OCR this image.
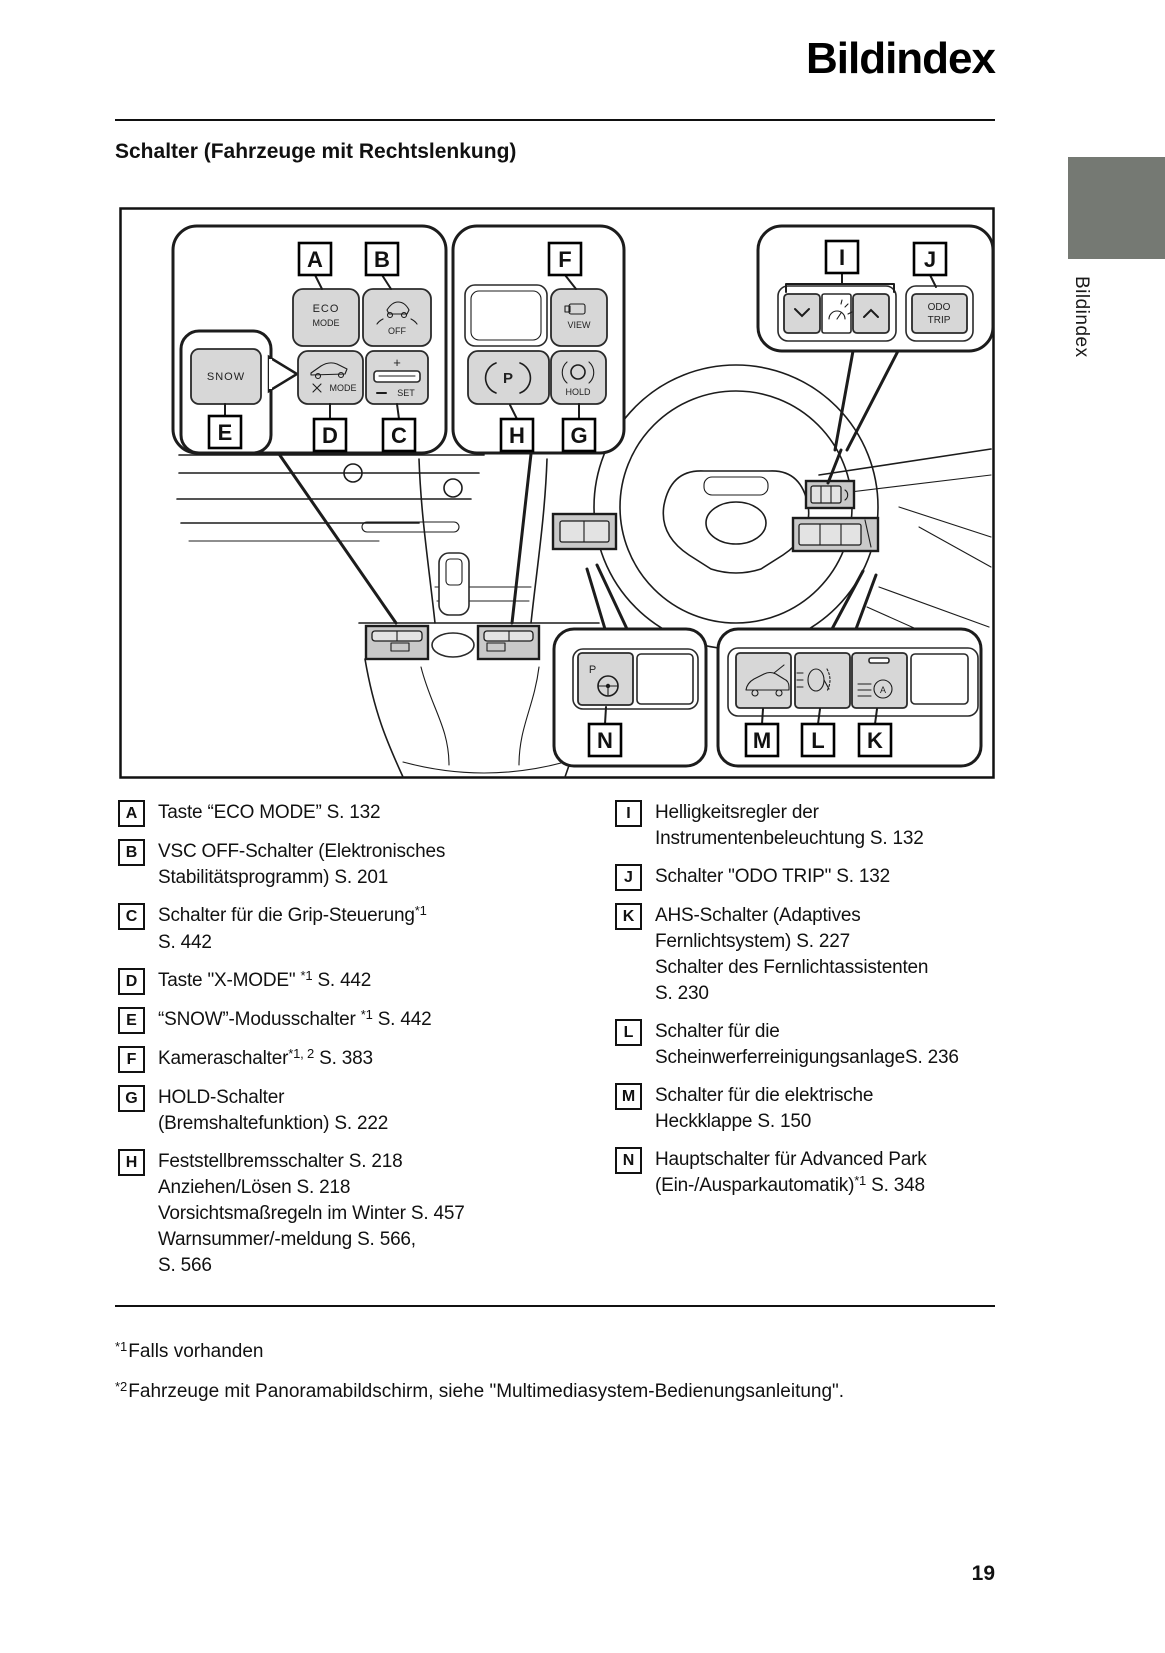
Bildindex
Schalter (Fahrzeuge mit Rechtslenkung)
Bildindex
ECO
MODE
OFF
MODE
+
SET
SNOW
VIEW
P
HOLD
ODO
TRIP
P
A
A B	F	I	J
E	D C	H G
N	M L K
A	Taste “ECO MODE” S. 132
B	VSC OFF-Schalter (Elektronisches
Stabilitätsprogramm) S. 201
C	Schalter für die Grip-Steuerung$^{*1}$
S. 442
D	Taste "X-MODE" $^{*1}$ S. 442
E	“SNOW”-Modusschalter $^{*1}$ S. 442
F	Kameraschalter$^{*1, 2}$ S. 383
G	HOLD-Schalter
(Bremshaltefunktion) S. 222
H	Feststellbremsschalter S. 218
Anziehen/Lösen S. 218
Vorsichtsmaßregeln im Winter S. 457
Warnsummer/-meldung S. 566,
S. 566
I	Helligkeitsregler der
Instrumentenbeleuchtung S. 132
J	Schalter "ODO TRIP" S. 132
K	AHS-Schalter (Adaptives
Fernlichtsystem) S. 227
Schalter des Fernlichtassistenten
S. 230
L	Schalter für die
ScheinwerferreinigungsanlageS. 236
M	Schalter für die elektrische
Heckklappe S. 150
N	Hauptschalter für Advanced Park
(Ein-/Ausparkautomatik)$^{*1}$ S. 348
$^{*1}$Falls vorhanden
$^{*2}$Fahrzeuge mit Panoramabildschirm, siehe "Multimediasystem-Bedienungsanleitung".
19
